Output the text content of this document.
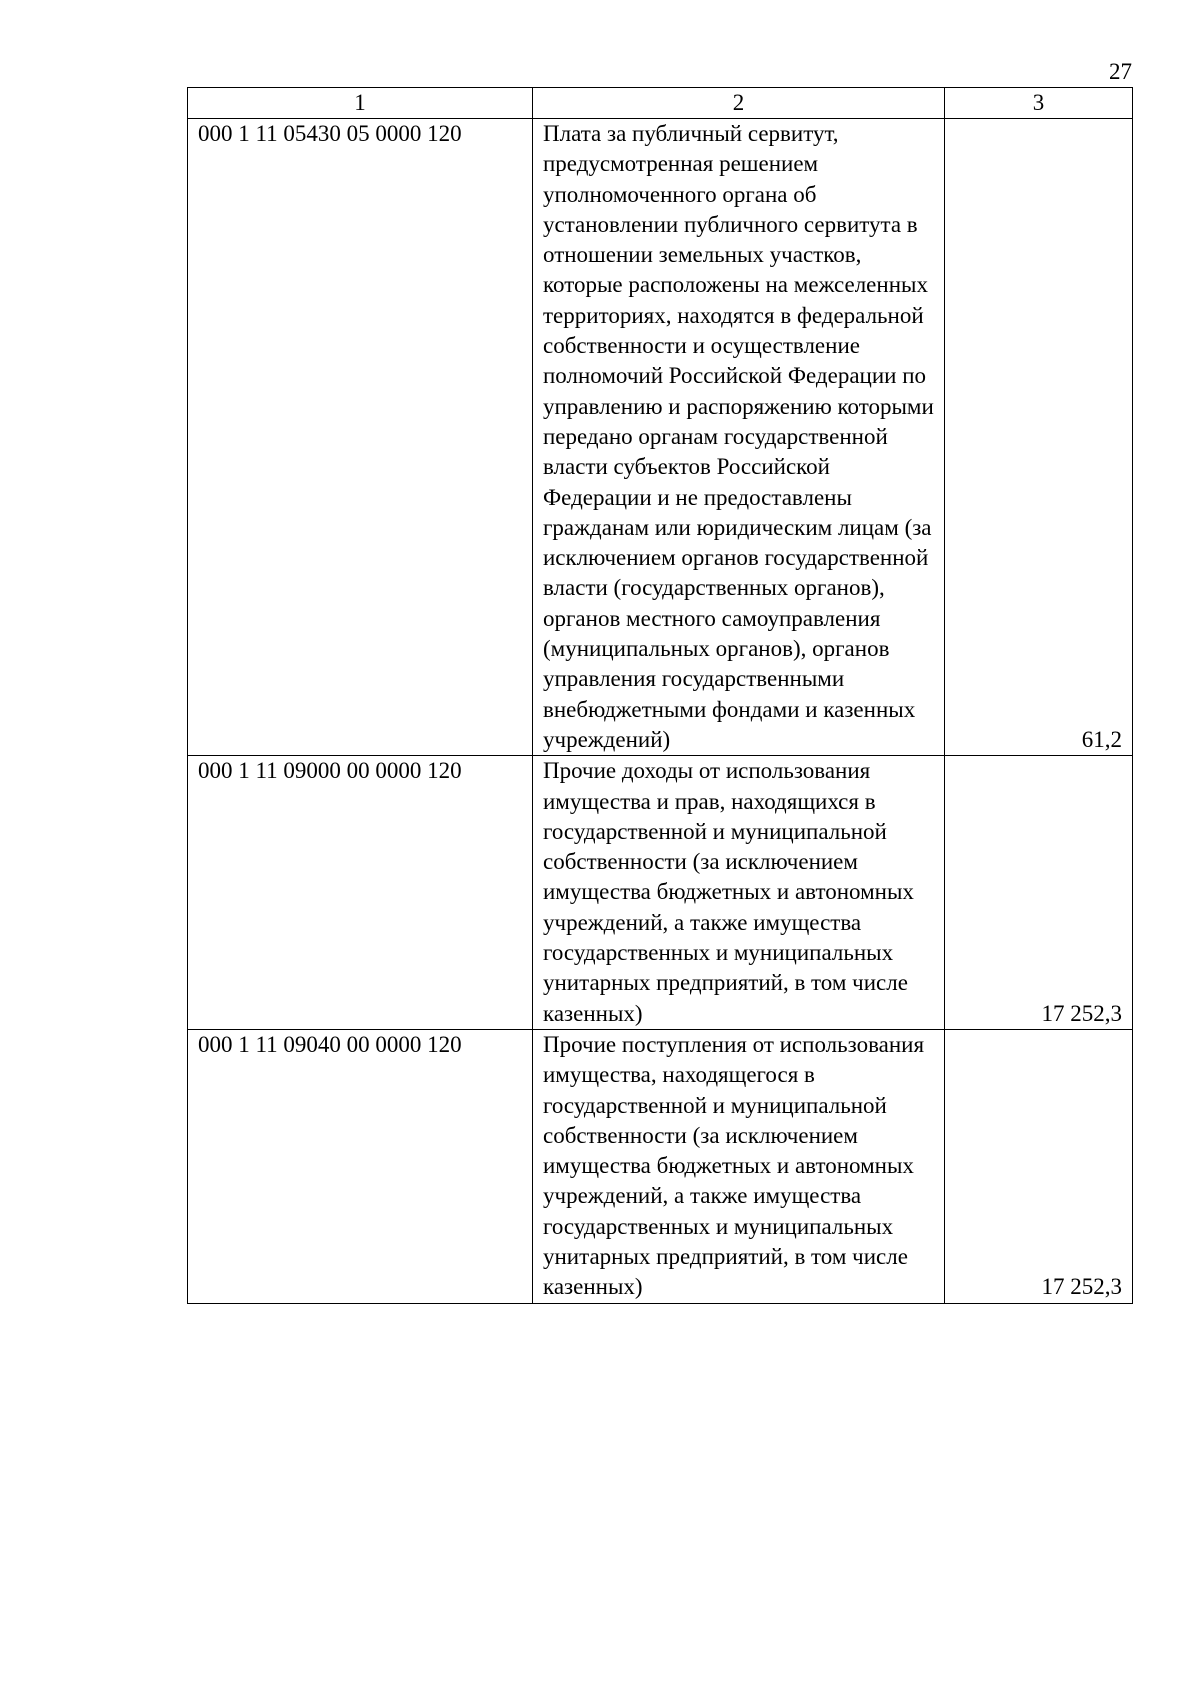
27
1	2	3
000 1 11 05430 05 0000 120	Плата за публичный сервитут, предусмотренная решением уполномоченного органа об установлении публичного сервитута в отношении земельных участков, которые расположены на межселенных территориях, находятся в федеральной собственности и осуществление полномочий Российской Федерации по управлению и распоряжению которыми передано органам государственной власти субъектов Российской Федерации и не предоставлены гражданам или юридическим лицам (за исключением органов государственной власти (государственных органов), органов местного самоуправления (муниципальных органов), органов управления государственными внебюджетными фондами и казенных учреждений)	61,2
000 1 11 09000 00 0000 120	Прочие доходы от использования имущества и прав, находящихся в государственной и муниципальной собственности (за исключением имущества бюджетных и автономных учреждений, а также имущества государственных и муниципальных унитарных предприятий, в том числе казенных)	17 252,3
000 1 11 09040 00 0000 120	Прочие поступления от использования имущества, находящегося в государственной и муниципальной собственности (за исключением имущества бюджетных и автономных учреждений, а также имущества государственных и муниципальных унитарных предприятий, в том числе казенных)	17 252,3
